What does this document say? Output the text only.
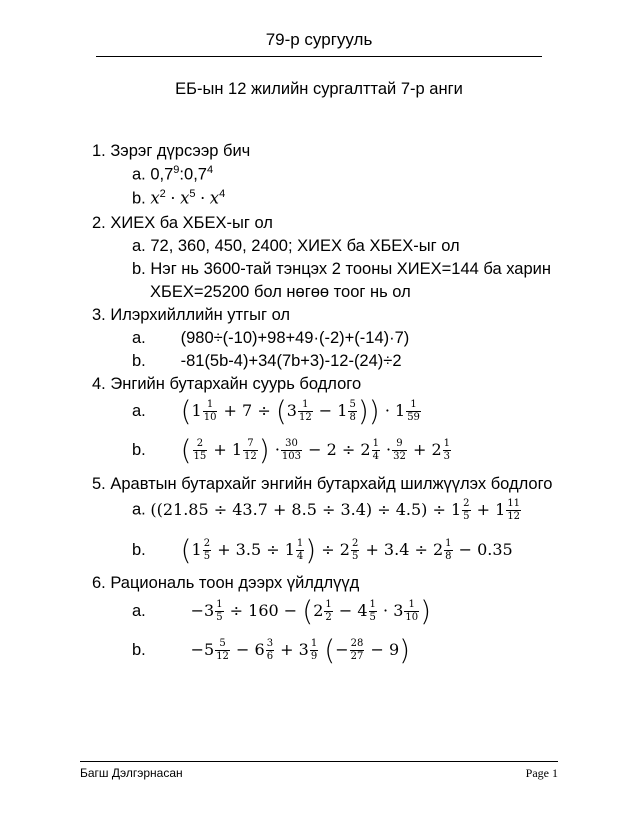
79-р сургууль
ЕБ-ын 12 жилийн сургалттай 7-р анги
1. Зэрэг дүрсээр бич
a. $0,7^9:0,7^4$
b. $x^2 \cdot x^5 \cdot x^4$
2. ХИЕХ ба ХБЕХ-ыг ол
a. 72, 360, 450, 2400; ХИЕХ ба ХБЕХ-ыг ол
b. Нэг нь 3600-тай тэнцэх 2 тооны ХИЕХ=144 ба харин
ХБЕХ=25200 бол нөгөө тоог нь ол
3. Илэрхийллийн утгыг ол
a. (980÷(-10)+98+49·(-2)+(-14)·7)
b. -81(5b-4)+34(7b+3)-12-(24)÷2
4. Энгийн бутархайн суурь бодлого
a. ($1 \frac{1}{10} + 7 \div (3 \frac{1}{12} - 1 \frac{5}{8}$ )) · $1 \frac{1}{59}$
b. ( $\frac{2}{15} + 1 \frac{7}{12}$ ) · $\frac{30}{103} - 2 \div 2 \frac{1}{4} \cdot \frac{9}{32} + 2 \frac{1}{3}$
5. Аравтын бутархайг энгийн бутархайд шилжүүлэх бодлого
a. $((21.85 \div 43.7 + 8.5 \div 3.4) \div 4.5) \div 1 \frac{2}{5} + 1 \frac{11}{12}$
b. ($1 \frac{2}{5} + 3.5 \div 1 \frac{1}{4}$ ) ÷ $2 \frac{2}{5} + 3.4 \div 2 \frac{1}{8} - 0.35$
6. Рациональ тоон дээрх үйлдлүүд
a.	$-3 \frac{1}{5} \div 160 - (2 \frac{1}{2} - 4 \frac{1}{5} \cdot 3 \frac{1}{10}$ )
b.	$-5 \frac{5}{12} - 6 \frac{3}{6} + 3 \frac{1}{9}$ (− $\frac{28}{27} - 9$)
Багш Дэлгэрнасан	Page 1
